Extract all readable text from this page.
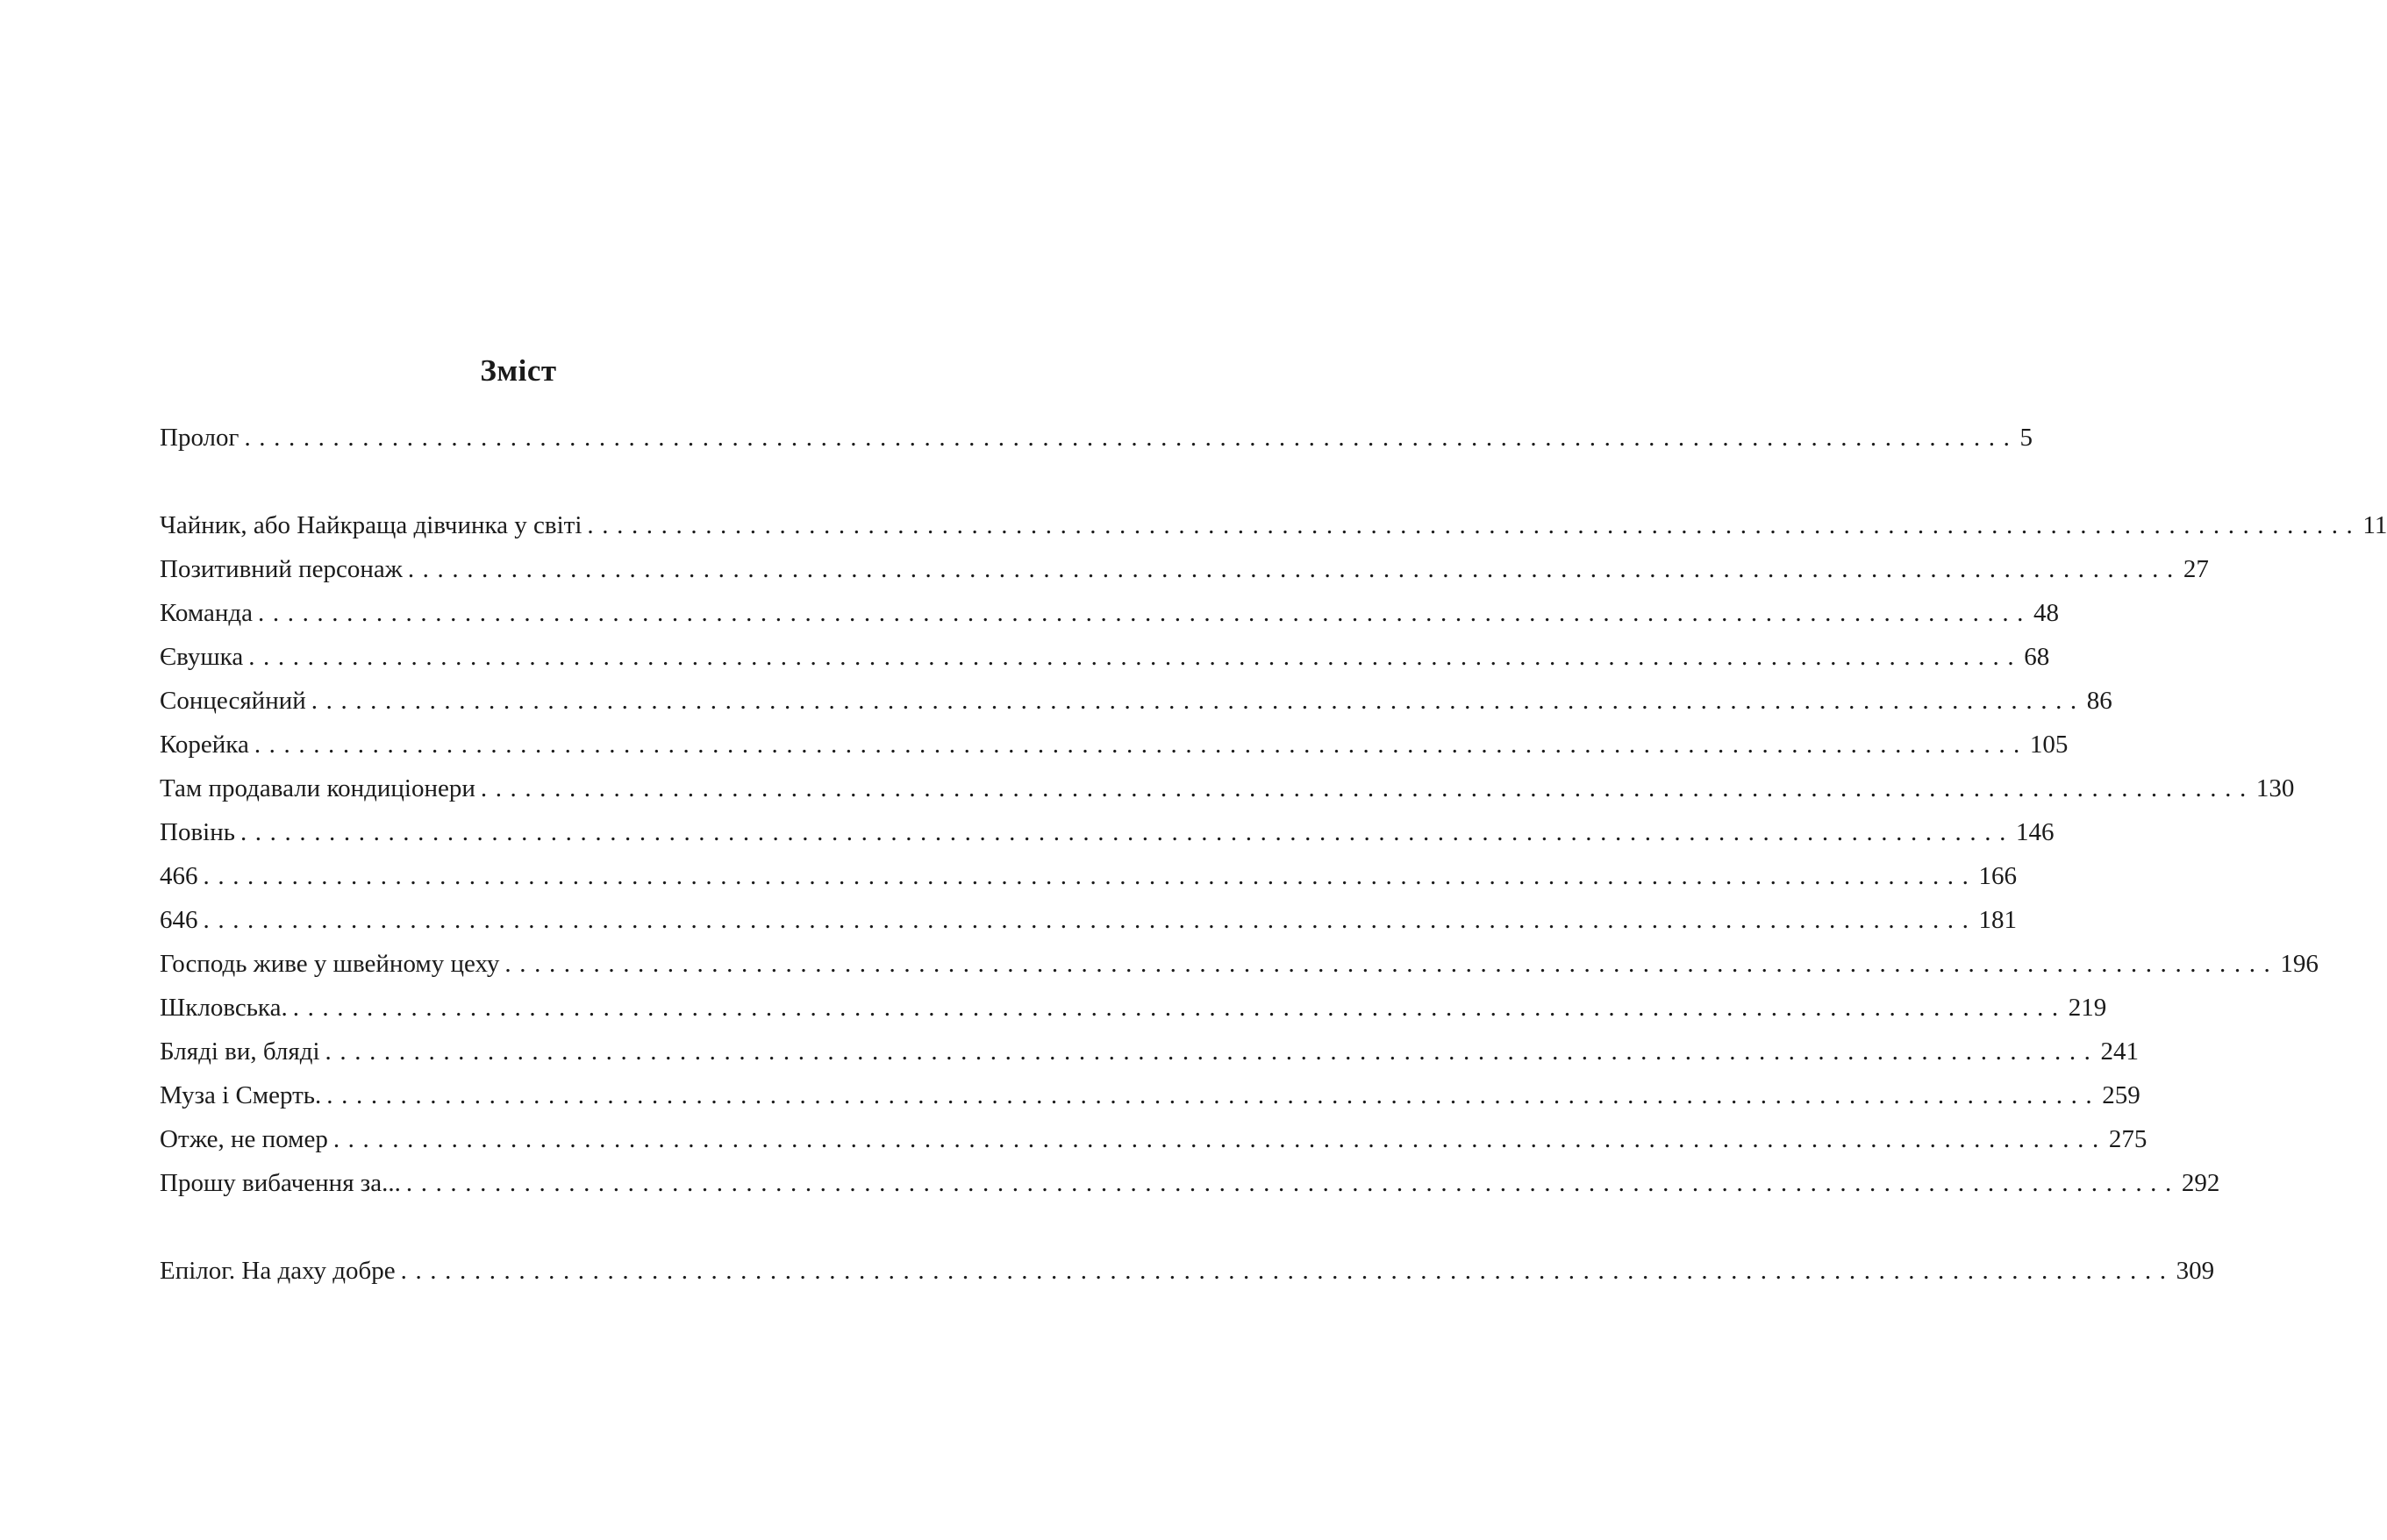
Зміст
Пролог ........................................................................................................................ 5
Чайник, або Найкраща дівчинка у світі ........................................................................................................................ 11
Позитивний персонаж ........................................................................................................................ 27
Команда ........................................................................................................................ 48
Євушка ........................................................................................................................ 68
Сонцесяйний ........................................................................................................................ 86
Корейка ........................................................................................................................ 105
Там продавали кондиціонери ........................................................................................................................ 130
Повінь ........................................................................................................................ 146
466 ........................................................................................................................ 166
646 ........................................................................................................................ 181
Господь живе у швейному цеху ........................................................................................................................ 196
Шкловська. ........................................................................................................................ 219
Бляді ви, бляді ........................................................................................................................ 241
Муза і Смерть. ........................................................................................................................ 259
Отже, не помер ........................................................................................................................ 275
Прошу вибачення за... ........................................................................................................................ 292
Епілог. На даху добре ........................................................................................................................ 309
